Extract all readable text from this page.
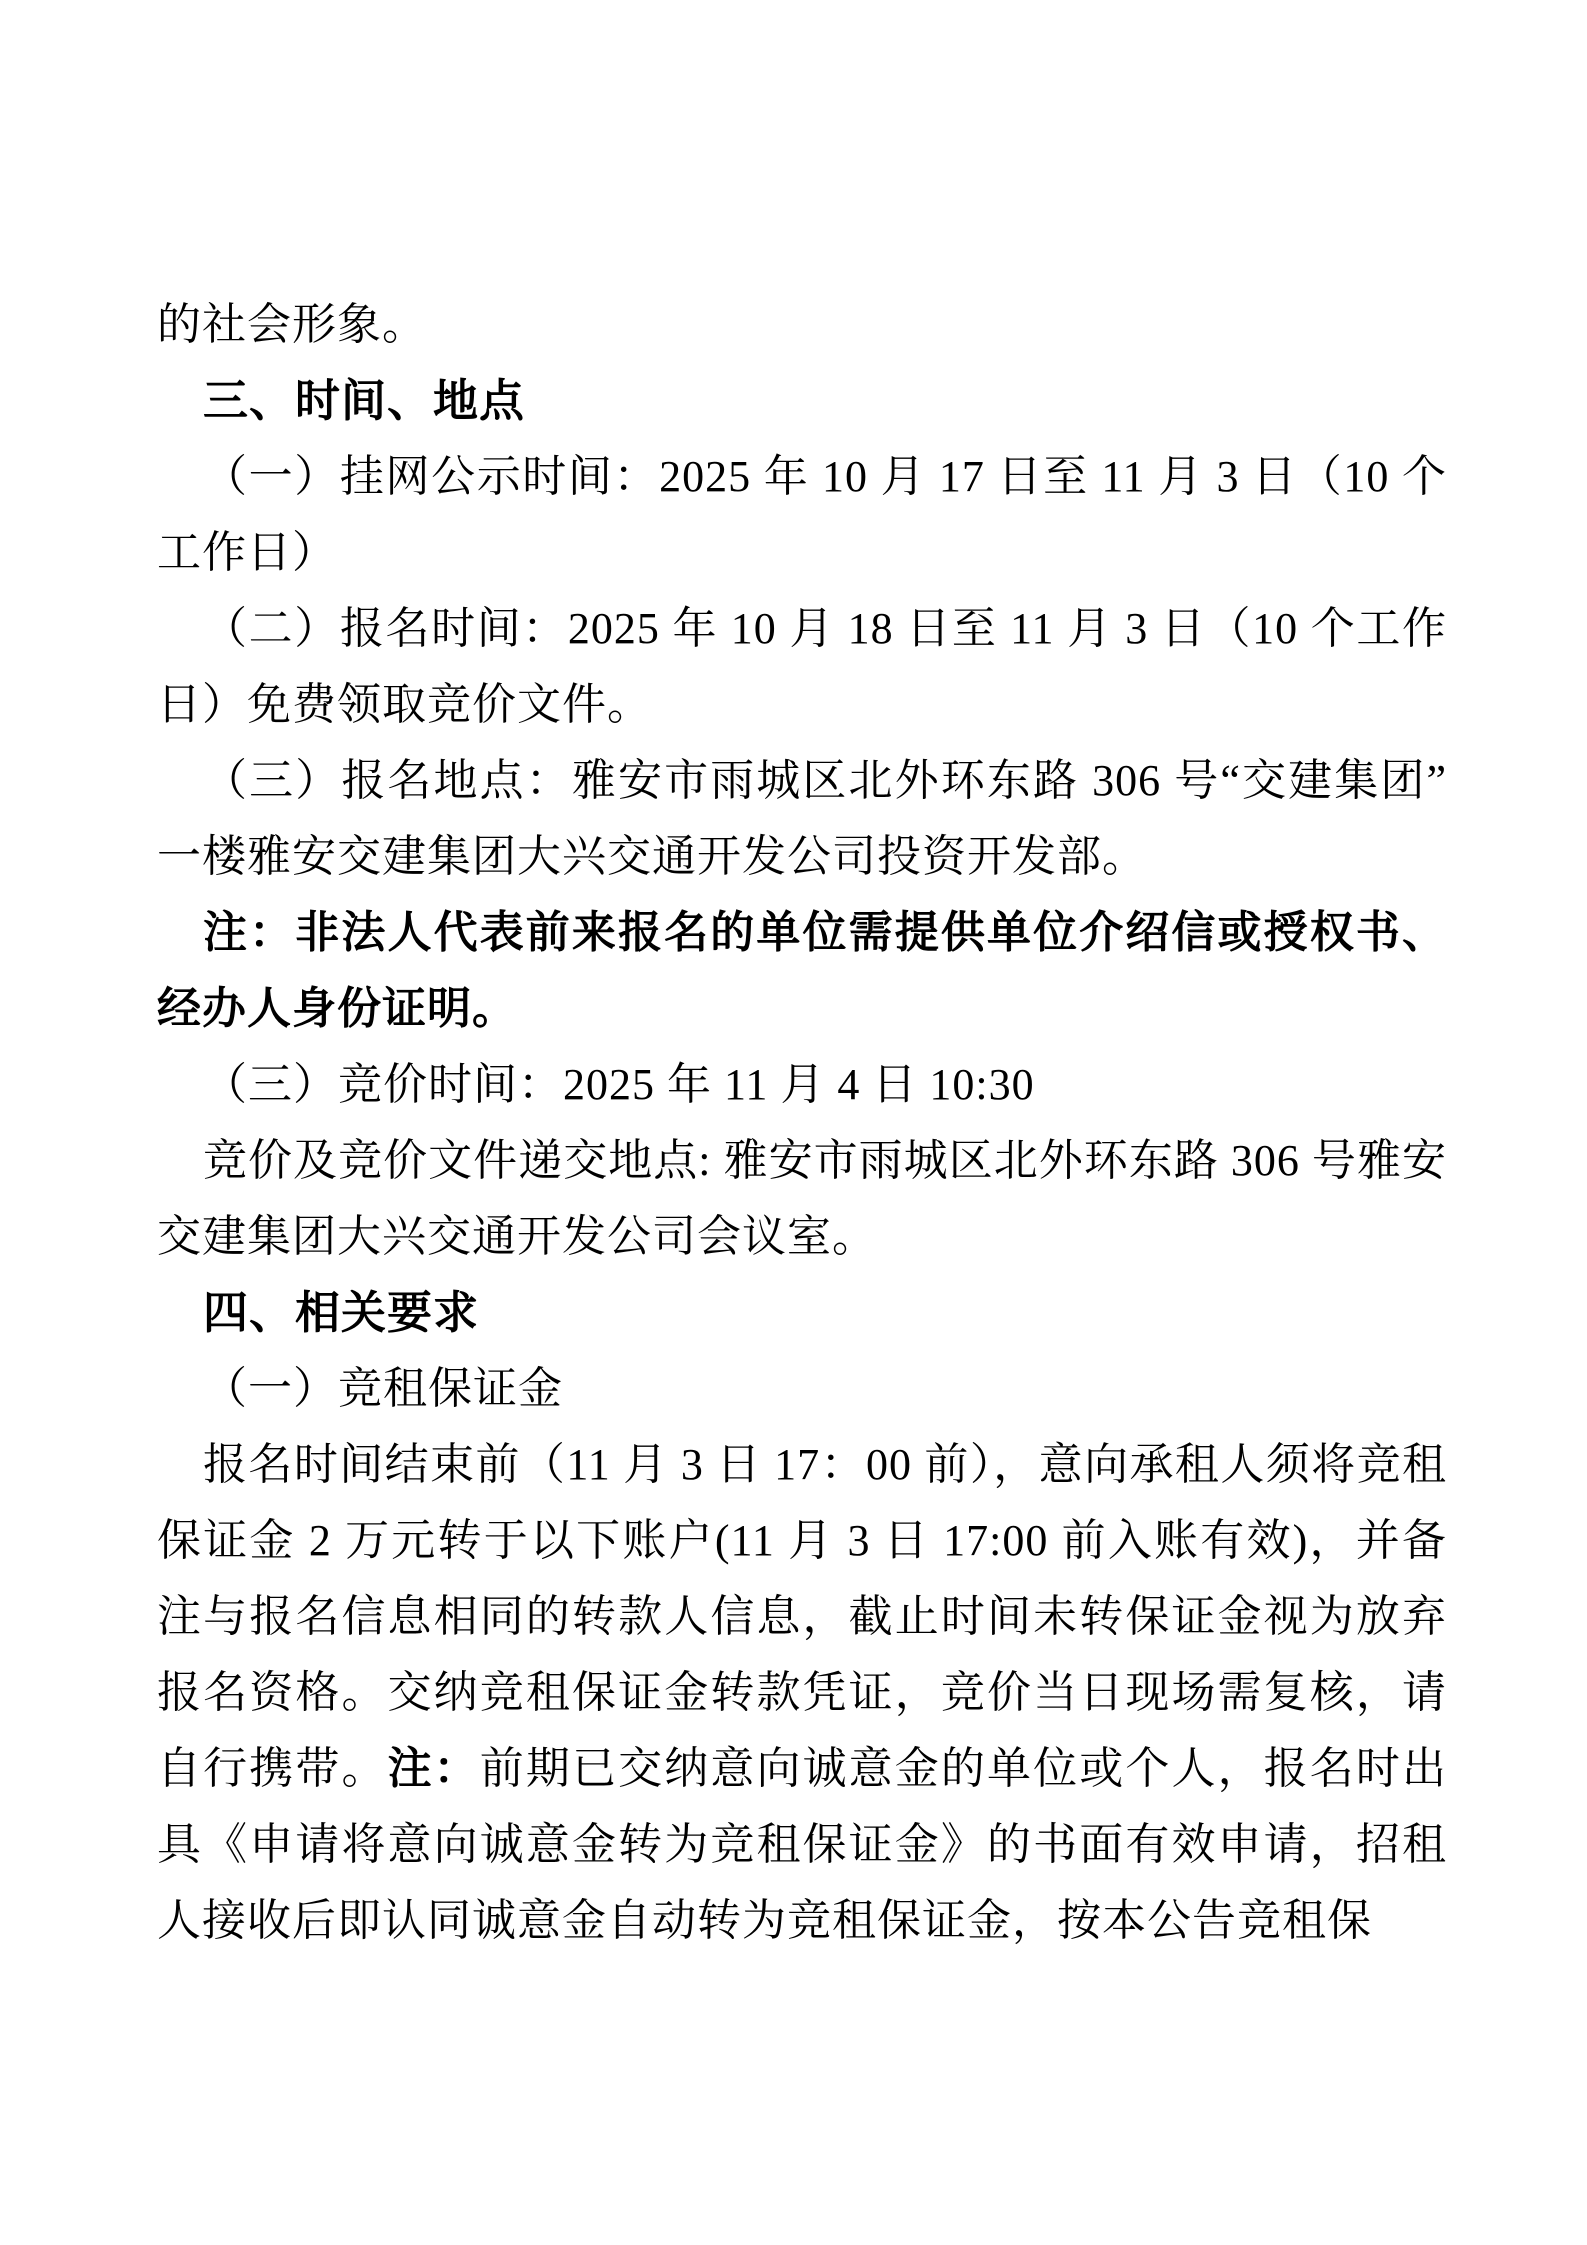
的社会形象。

三、时间、地点

（一）挂网公示时间：2025 年 10 月 17 日至 11 月 3 日（10 个工作日）

（二）报名时间：2025 年 10 月 18 日至 11 月 3 日（10 个工作日）免费领取竞价文件。

（三）报名地点：雅安市雨城区北外环东路 306 号“交建集团”一楼雅安交建集团大兴交通开发公司投资开发部。

注：非法人代表前来报名的单位需提供单位介绍信或授权书、经办人身份证明。

（三）竞价时间：2025 年 11 月 4 日 10:30

竞价及竞价文件递交地点: 雅安市雨城区北外环东路 306 号雅安交建集团大兴交通开发公司会议室。

四、相关要求

（一）竞租保证金

报名时间结束前（11 月 3 日 17：00 前），意向承租人须将竞租保证金 2 万元转于以下账户(11 月 3 日 17:00 前入账有效)，并备注与报名信息相同的转款人信息，截止时间未转保证金视为放弃报名资格。交纳竞租保证金转款凭证，竞价当日现场需复核，请自行携带。注：前期已交纳意向诚意金的单位或个人，报名时出具《申请将意向诚意金转为竞租保证金》的书面有效申请，招租人接收后即认同诚意金自动转为竞租保证金，按本公告竞租保
